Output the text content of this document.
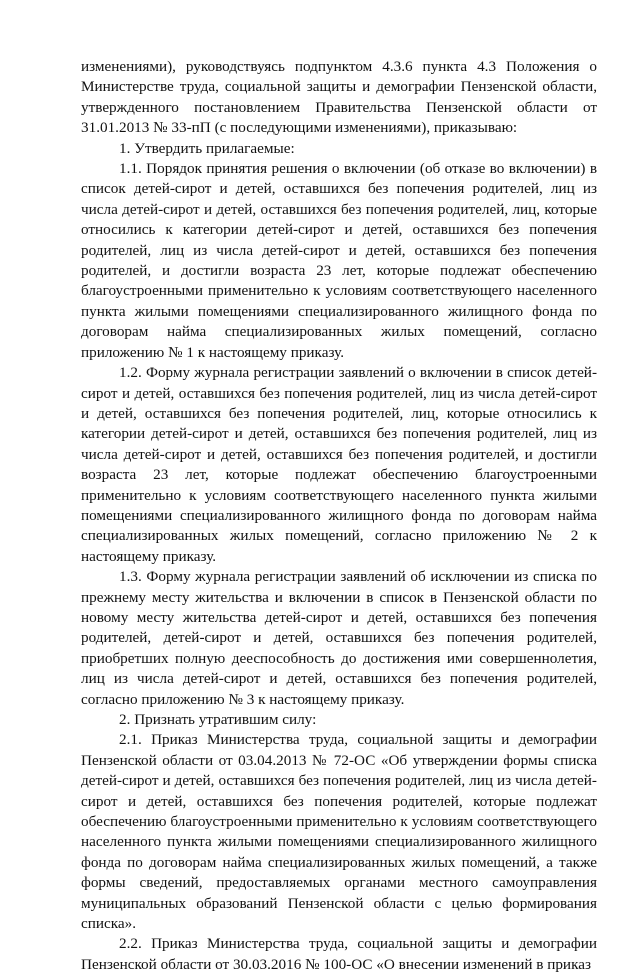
изменениями), руководствуясь подпунктом 4.3.6 пункта 4.3 Положения о Министерстве труда, социальной защиты и демографии Пензенской области, утвержденного постановлением Правительства Пензенской области от 31.01.2013 № 33-пП (с последующими изменениями), приказываю:

1. Утвердить прилагаемые:

1.1. Порядок принятия решения о включении (об отказе во включении) в список детей-сирот и детей, оставшихся без попечения родителей, лиц из числа детей-сирот и детей, оставшихся без попечения родителей, лиц, которые относились к категории детей-сирот и детей, оставшихся без попечения родителей, лиц из числа детей-сирот и детей, оставшихся без попечения родителей, и достигли возраста 23 лет, которые подлежат обеспечению благоустроенными применительно к условиям соответствующего населенного пункта жилыми помещениями специализированного жилищного фонда по договорам найма специализированных жилых помещений, согласно приложению № 1 к настоящему приказу.

1.2. Форму журнала регистрации заявлений о включении в список детей-сирот и детей, оставшихся без попечения родителей, лиц из числа детей-сирот и детей, оставшихся без попечения родителей, лиц, которые относились к категории детей-сирот и детей, оставшихся без попечения родителей, лиц из числа детей-сирот и детей, оставшихся без попечения родителей, и достигли возраста 23 лет, которые подлежат обеспечению благоустроенными применительно к условиям соответствующего населенного пункта жилыми помещениями специализированного жилищного фонда по договорам найма специализированных жилых помещений, согласно приложению № 2 к настоящему приказу.

1.3. Форму журнала регистрации заявлений об исключении из списка по прежнему месту жительства и включении в список в Пензенской области по новому месту жительства детей-сирот и детей, оставшихся без попечения родителей, детей-сирот и детей, оставшихся без попечения родителей, приобретших полную дееспособность до достижения ими совершеннолетия, лиц из числа детей-сирот и детей, оставшихся без попечения родителей, согласно приложению № 3 к настоящему приказу.

2. Признать утратившим силу:

2.1. Приказ Министерства труда, социальной защиты и демографии Пензенской области от 03.04.2013 № 72-ОС «Об утверждении формы списка детей-сирот и детей, оставшихся без попечения родителей, лиц из числа детей-сирот и детей, оставшихся без попечения родителей, которые подлежат обеспечению благоустроенными применительно к условиям соответствующего населенного пункта жилыми помещениями специализированного жилищного фонда по договорам найма специализированных жилых помещений, а также формы сведений, предоставляемых органами местного самоуправления муниципальных образований Пензенской области с целью формирования списка».

2.2. Приказ Министерства труда, социальной защиты и демографии Пензенской области от 30.03.2016 № 100-ОС «О внесении изменений в приказ
